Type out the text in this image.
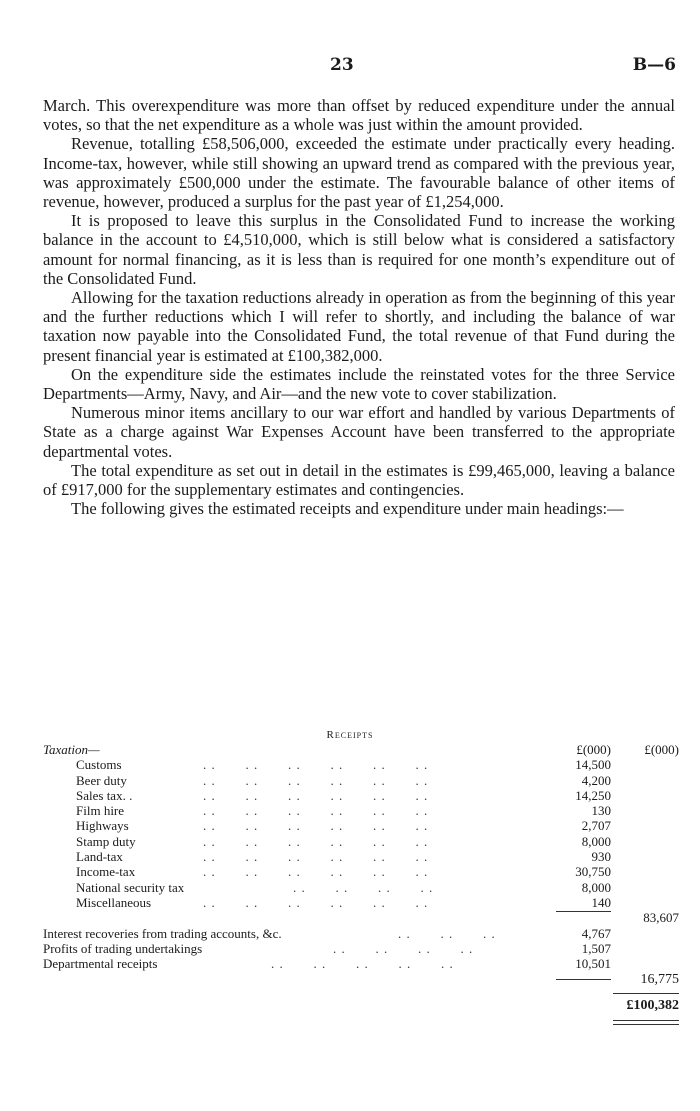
23	B—6

March. This overexpenditure was more than offset by reduced expenditure under the annual votes, so that the net expenditure as a whole was just within the amount provided.

Revenue, totalling £58,506,000, exceeded the estimate under practically every heading. Income-tax, however, while still showing an upward trend as compared with the previous year, was approximately £500,000 under the estimate. The favourable balance of other items of revenue, however, produced a surplus for the past year of £1,254,000.

It is proposed to leave this surplus in the Consolidated Fund to increase the working balance in the account to £4,510,000, which is still below what is considered a satisfactory amount for normal financing, as it is less than is required for one month’s expenditure out of the Consolidated Fund.

Allowing for the taxation reductions already in operation as from the beginning of this year and the further reductions which I will refer to shortly, and including the balance of war taxation now payable into the Consolidated Fund, the total revenue of that Fund during the present financial year is estimated at £100,382,000.

On the expenditure side the estimates include the reinstated votes for the three Service Departments—Army, Navy, and Air—and the new vote to cover stabilization.

Numerous minor items ancillary to our war effort and handled by various Departments of State as a charge against War Expenses Account have been transferred to the appropriate departmental votes.

The total expenditure as set out in detail in the estimates is £99,465,000, leaving a balance of £917,000 for the supplementary estimates and contingencies.

The following gives the estimated receipts and expenditure under main headings:—

Receipts
Taxation—	£(000)	£(000)
Customs	. .       . .       . .       . .       . .       . .	14,500
Beer duty	. .       . .       . .       . .       . .       . .	4,200
Sales tax. .	. .       . .       . .       . .       . .       . .	14,250
Film hire	. .       . .       . .       . .       . .       . .	130
Highways	. .       . .       . .       . .       . .       . .	2,707
Stamp duty	. .       . .       . .       . .       . .       . .	8,000
Land-tax	. .       . .       . .       . .       . .       . .	930
Income-tax	. .       . .       . .       . .       . .       . .	30,750
National security tax	. .       . .       . .       . .	8,000
Miscellaneous	. .       . .       . .       . .       . .       . .	140
83,607
Interest recoveries from trading accounts, &c.	. .       . .       . .	4,767
Profits of trading undertakings	. .       . .       . .       . .	1,507
Departmental receipts	. .       . .       . .       . .       . .	10,501
16,775
£100,382
